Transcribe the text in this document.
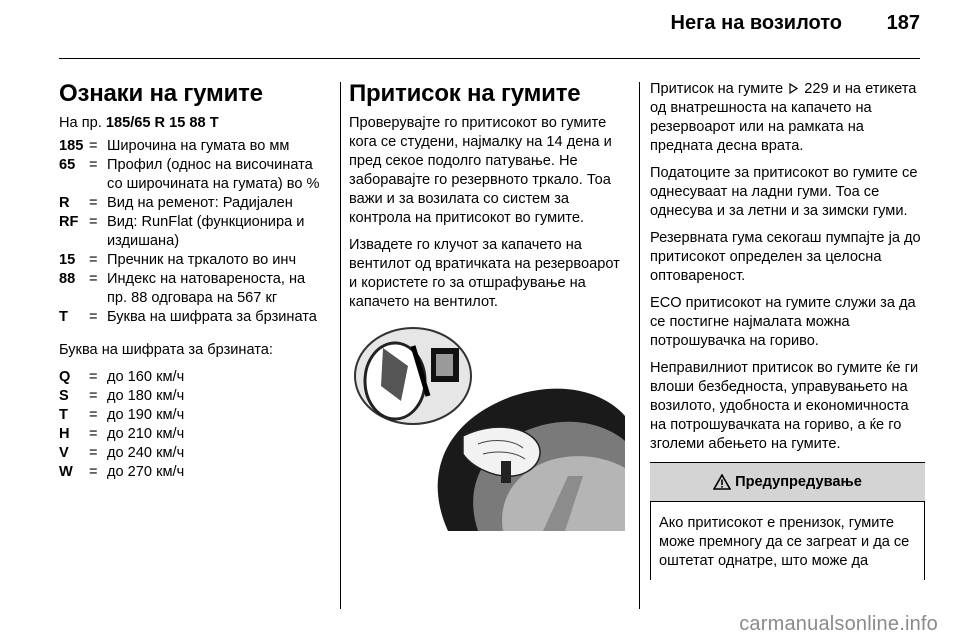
Нега на возилото 187
Ознаки на гумите
На пр. 185/65 R 15 88 T
185 = Широчина на гумата во мм
65 = Профил (однос на височината со широчината на гумата) во %
R	= Вид на ременот: Радијален
RF = Вид: RunFlat (функционира и издишана)
15 = Пречник на тркалото во инч
88 = Индекс на натовареноста, на пр. 88 одговара на 567 кг
T	= Буква на шифрата за брзината

Буква на шифрата за брзината:

Q	= до 160 км/ч
S	= до 180 км/ч
T	= до 190 км/ч
H	= до 210 км/ч
V	= до 240 км/ч
W	= до 270 км/ч
Притисок на гумите

Проверувајте го притисокот во гумите кога се студени, најмалку на 14 дена и пред секое подолго патување. Не заборавајте го резервното тркало. Тоа важи и за возилата со систем за контрола на притисокот во гумите.

Извадете го клучот за капачето на вентилот од вратичката на резервоарот и користете го за отшрафување на капачето на вентилот.

Притисок на гумите 229 и на етикета од внатрешноста на капачето на резервоарот или на рамката на предната десна врата.

Податоците за притисокот во гумите се однесуваат на ладни гуми. Тоа се однесува и за летни и за зимски гуми.

Резервната гума секогаш пумпајте ја до притисокот определен за целосна оптовареност.

ECO притисокот на гумите служи за да се постигне најмалата можна потрошувачка на гориво.

Неправилниот притисок во гумите ќе ги влоши безбедноста, управувањето на возилото, удобноста и економичноста на потрошувачката на гориво, а ќе го зголеми абењето на гумите.

Предупредување
Ако притисокот е пренизок, гумите може премногу да се загреат и да се оштетат однатре, што може да
carmanualsonline.info
